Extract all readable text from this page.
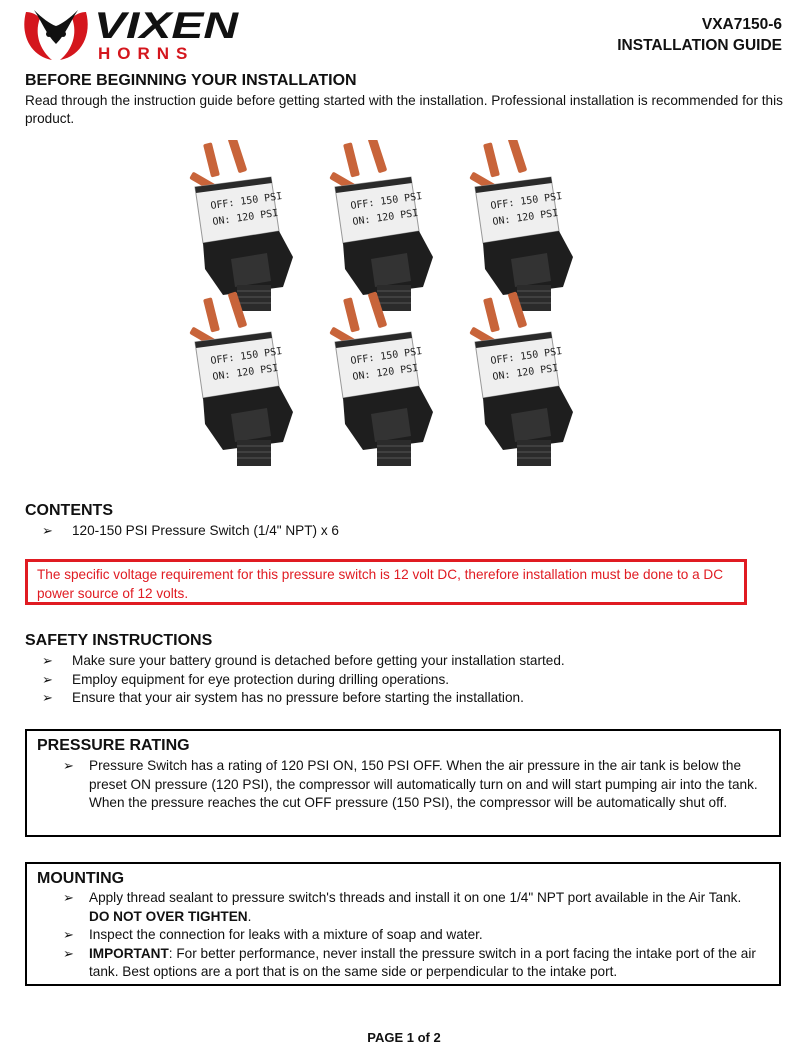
VIXEN
HORNS
VXA7150-6
INSTALLATION GUIDE
BEFORE BEGINNING YOUR INSTALLATION

Read through the instruction guide before getting started with the installation. Professional installation is recommended for this product.

OFF: 150 PSI
ON: 120 PSI
OFF: 150 PSI
ON: 120 PSI
OFF: 150 PSI
ON: 120 PSI
OFF: 150 PSI
ON: 120 PSI
OFF: 150 PSI
ON: 120 PSI
OFF: 150 PSI
ON: 120 PSI
CONTENTS
➢ 120-150 PSI Pressure Switch (1/4" NPT) x 6
The specific voltage requirement for this pressure switch is 12 volt DC, therefore installation must be done to a DC power source of 12 volts.
SAFETY INSTRUCTIONS
➢ Make sure your battery ground is detached before getting your installation started.
➢ Employ equipment for eye protection during drilling operations.
➢ Ensure that your air system has no pressure before starting the installation.
PRESSURE RATING
➢ Pressure Switch has a rating of 120 PSI ON, 150 PSI OFF. When the air pressure in the air tank is below the preset ON pressure (120 PSI), the compressor will automatically turn on and will start pumping air into the tank. When the pressure reaches the cut OFF pressure (150 PSI), the compressor will be automatically shut off.
MOUNTING
➢ Apply thread sealant to pressure switch's threads and install it on one 1/4" NPT port available in the Air Tank. DO NOT OVER TIGHTEN.
➢ Inspect the connection for leaks with a mixture of soap and water.
➢ IMPORTANT: For better performance, never install the pressure switch in a port facing the intake port of the air tank. Best options are a port that is on the same side or perpendicular to the intake port.
PAGE 1 of 2
